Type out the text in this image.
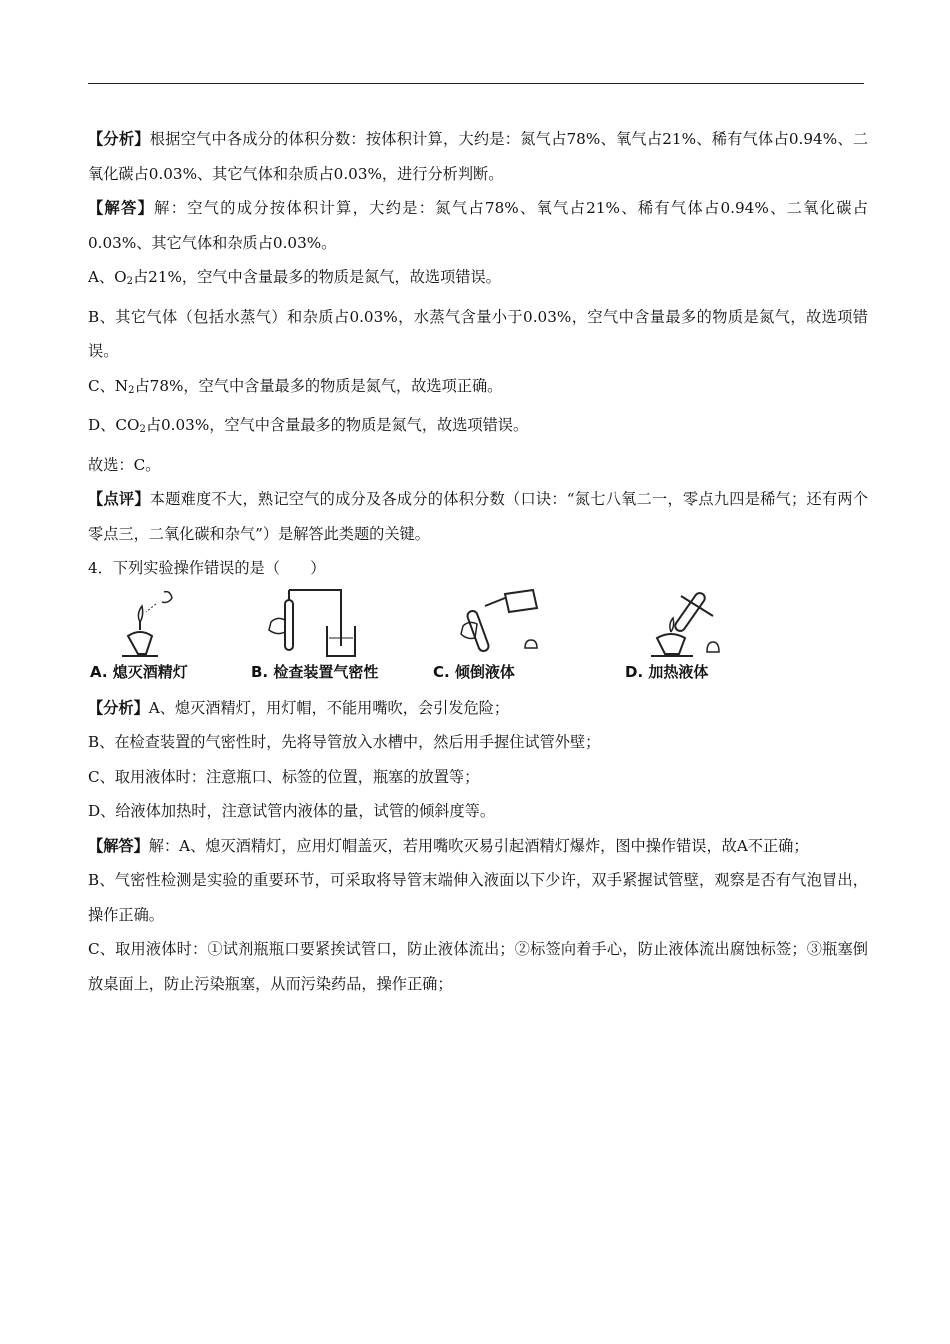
【分析】根据空气中各成分的体积分数：按体积计算，大约是：氮气占78%、氧气占21%、稀有气体占0.94%、二氧化碳占0.03%、其它气体和杂质占0.03%，进行分析判断。

【解答】解：空气的成分按体积计算，大约是：氮气占78%、氧气占21%、稀有气体占0.94%、二氧化碳占0.03%、其它气体和杂质占0.03%。

A、$O_2$占21%，空气中含量最多的物质是氮气，故选项错误。

B、其它气体（包括水蒸气）和杂质占0.03%，水蒸气含量小于0.03%，空气中含量最多的物质是氮气，故选项错误。

C、$N_2$占78%，空气中含量最多的物质是氮气，故选项正确。

D、$CO_2$占0.03%，空气中含量最多的物质是氮气，故选项错误。

故选：C。

【点评】本题难度不大，熟记空气的成分及各成分的体积分数（口诀：“氮七八氧二一，零点九四是稀气；还有两个零点三，二氧化碳和杂气”）是解答此类题的关键。

4．下列实验操作错误的是（　　）

A. 熄灭酒精灯	B. 检查装置气密性	C. 倾倒液体	D. 加热液体

【分析】A、熄灭酒精灯，用灯帽，不能用嘴吹，会引发危险；

B、在检查装置的气密性时，先将导管放入水槽中，然后用手握住试管外壁；

C、取用液体时：注意瓶口、标签的位置，瓶塞的放置等；

D、给液体加热时，注意试管内液体的量，试管的倾斜度等。

【解答】解：A、熄灭酒精灯，应用灯帽盖灭，若用嘴吹灭易引起酒精灯爆炸，图中操作错误，故A不正确；

B、气密性检测是实验的重要环节，可采取将导管末端伸入液面以下少许，双手紧握试管壁，观察是否有气泡冒出，操作正确。

C、取用液体时：①试剂瓶瓶口要紧挨试管口，防止液体流出；②标签向着手心，防止液体流出腐蚀标签；③瓶塞倒放桌面上，防止污染瓶塞，从而污染药品，操作正确；
